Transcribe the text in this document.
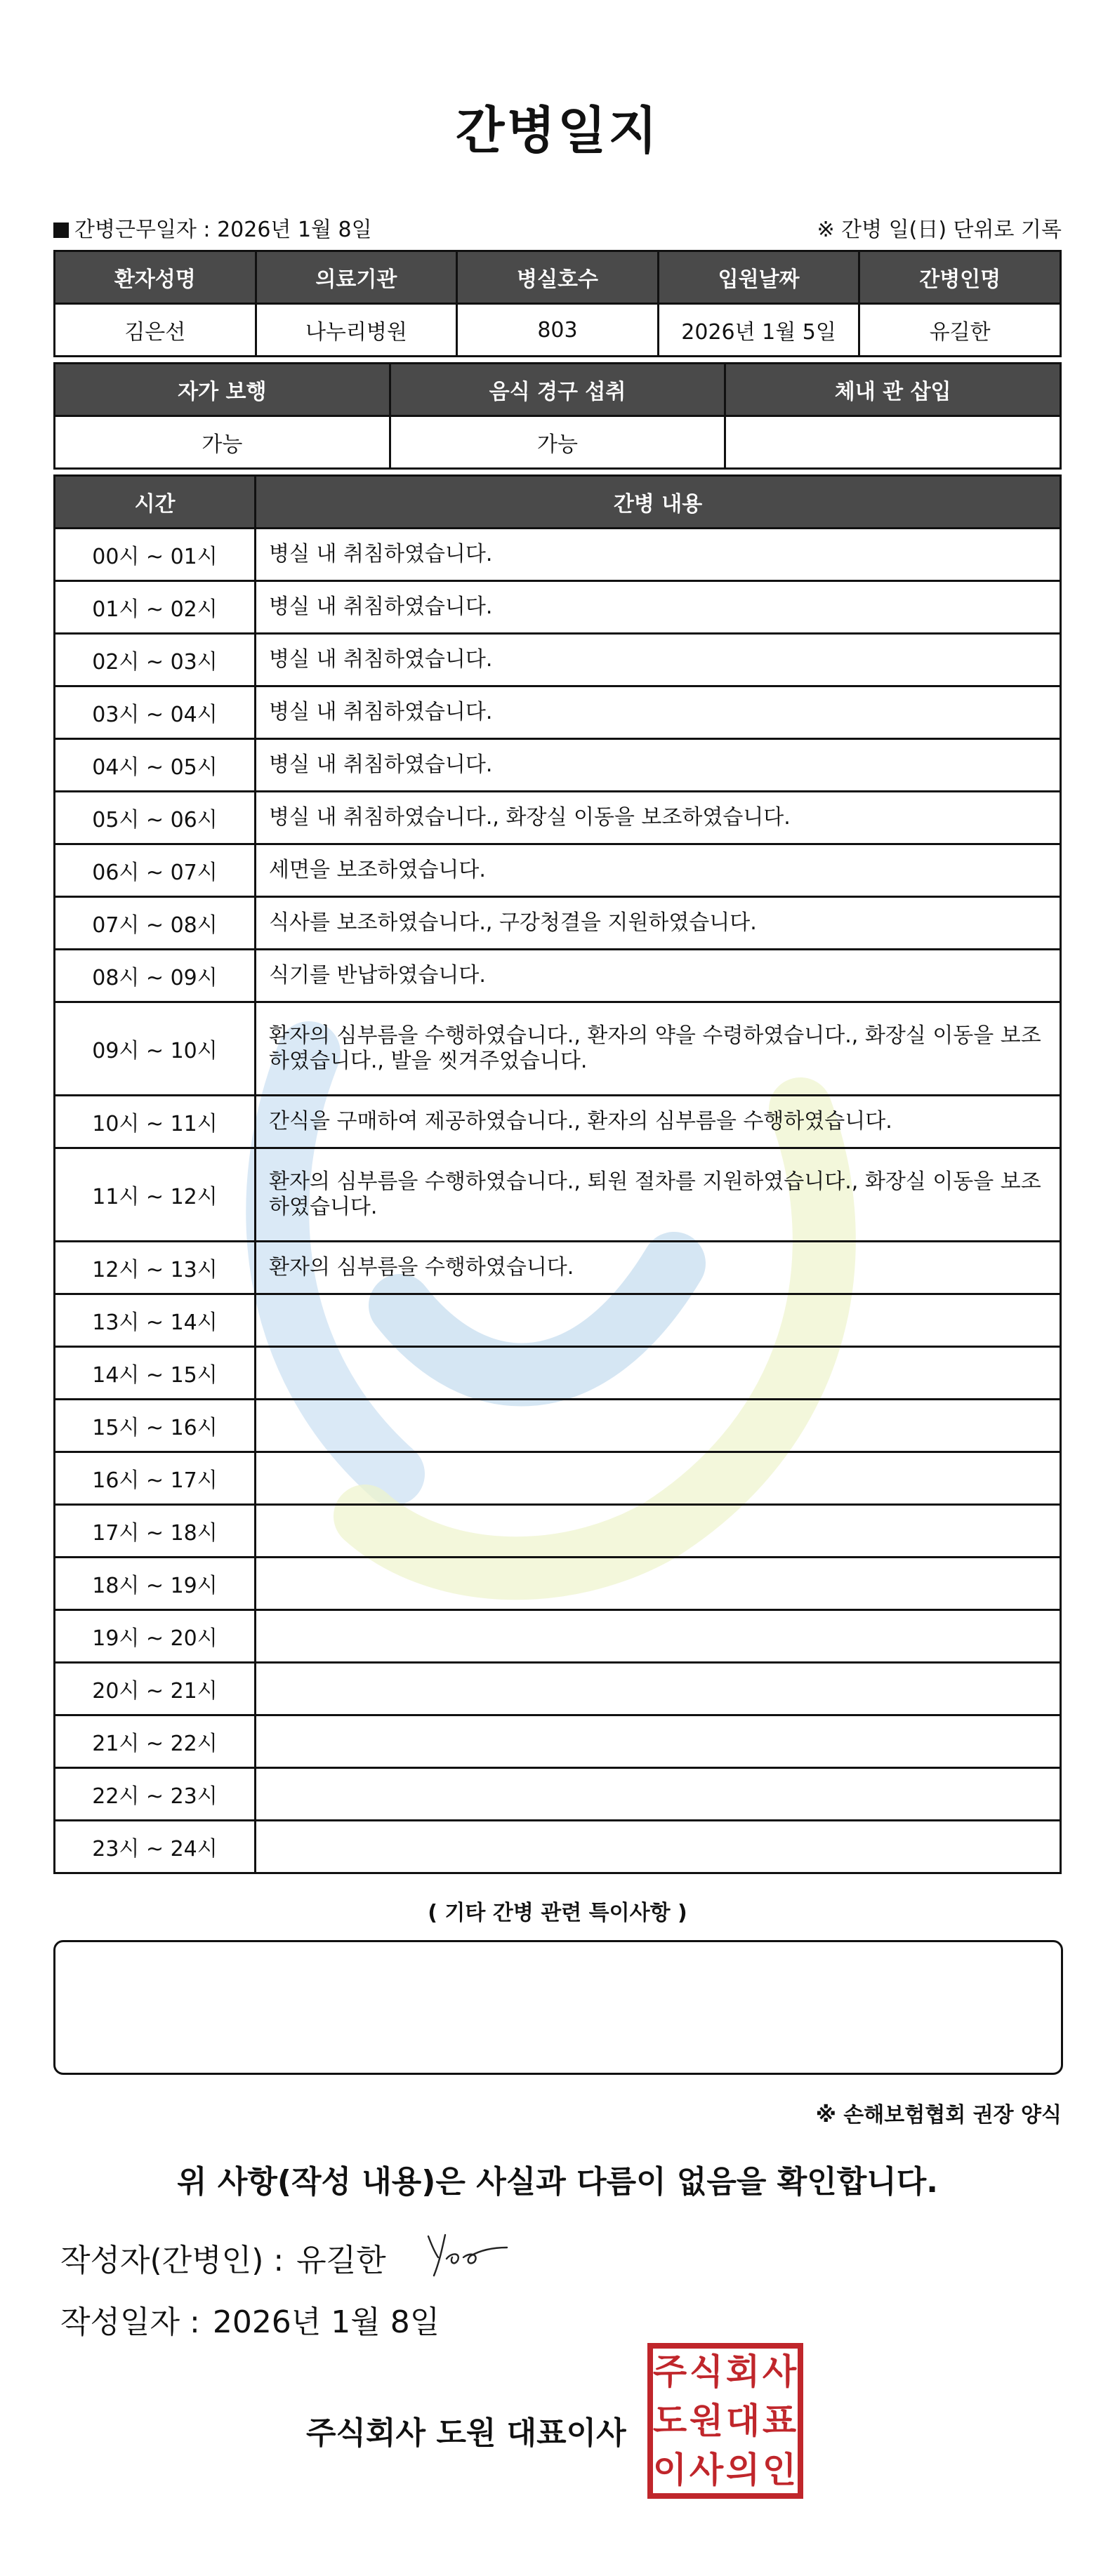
간병일지
간병근무일자 : 2026년 1월 8일	※ 간병 일(日) 단위로 기록
환자성명	의료기관	병실호수	입원날짜	간병인명
김은선	나누리병원	803	2026년 1월 5일	유길한
자가 보행	음식 경구 섭취	체내 관 삽입
가능	가능	
시간	간병 내용
00시 ~ 01시	병실 내 취침하였습니다.
01시 ~ 02시	병실 내 취침하였습니다.
02시 ~ 03시	병실 내 취침하였습니다.
03시 ~ 04시	병실 내 취침하였습니다.
04시 ~ 05시	병실 내 취침하였습니다.
05시 ~ 06시	병실 내 취침하였습니다., 화장실 이동을 보조하였습니다.
06시 ~ 07시	세면을 보조하였습니다.
07시 ~ 08시	식사를 보조하였습니다., 구강청결을 지원하였습니다.
08시 ~ 09시	식기를 반납하였습니다.
09시 ~ 10시	환자의 심부름을 수행하였습니다., 환자의 약을 수령하였습니다., 화장실 이동을 보조하였습니다., 발을 씻겨주었습니다.
10시 ~ 11시	간식을 구매하여 제공하였습니다., 환자의 심부름을 수행하였습니다.
11시 ~ 12시	환자의 심부름을 수행하였습니다., 퇴원 절차를 지원하였습니다., 화장실 이동을 보조하였습니다.
12시 ~ 13시	환자의 심부름을 수행하였습니다.
13시 ~ 14시	
14시 ~ 15시	
15시 ~ 16시	
16시 ~ 17시	
17시 ~ 18시	
18시 ~ 19시	
19시 ~ 20시	
20시 ~ 21시	
21시 ~ 22시	
22시 ~ 23시	
23시 ~ 24시	
( 기타 간병 관련 특이사항 )
※ 손해보험협회 권장 양식
위 사항(작성 내용)은 사실과 다름이 없음을 확인합니다.
작성자(간병인) : 유길한
작성일자 : 2026년 1월 8일
주식회사 도원 대표이사
주 식 회 사
도 원 대 표
이 사 의 인
